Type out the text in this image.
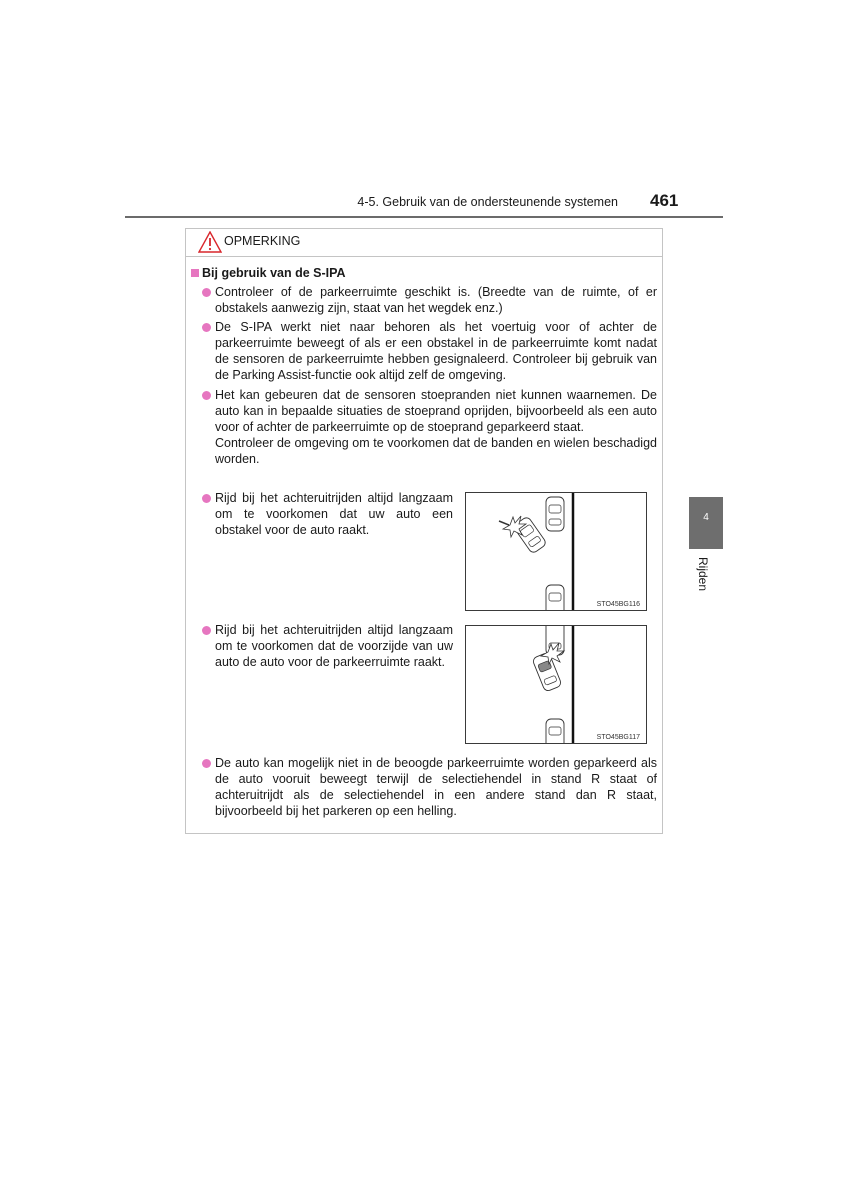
4-5. Gebruik van de ondersteunende systemen 461
4
Rijden
OPMERKING
Bij gebruik van de S-IPA

Controleer of de parkeerruimte geschikt is. (Breedte van de ruimte, of er obstakels aanwezig zijn, staat van het wegdek enz.)

De S-IPA werkt niet naar behoren als het voertuig voor of achter de parkeerruimte beweegt of als er een obstakel in de parkeerruimte komt nadat de sensoren de parkeerruimte hebben gesignaleerd. Controleer bij gebruik van de Parking Assist-functie ook altijd zelf de omgeving.

Het kan gebeuren dat de sensoren stoepranden niet kunnen waarnemen. De auto kan in bepaalde situaties de stoeprand oprijden, bijvoorbeeld als een auto voor of achter de parkeerruimte op de stoeprand geparkeerd staat.

Controleer de omgeving om te voorkomen dat de banden en wielen beschadigd worden.

Rijd bij het achteruitrijden altijd langzaam om te voorkomen dat uw auto een obstakel voor de auto raakt.

Rijd bij het achteruitrijden altijd langzaam om te voorkomen dat de voorzijde van uw auto de auto voor de parkeerruimte raakt.

De auto kan mogelijk niet in de beoogde parkeerruimte worden geparkeerd als de auto vooruit beweegt terwijl de selectiehendel in stand R staat of achteruitrijdt als de selectiehendel in een andere stand dan R staat, bijvoorbeeld bij het parkeren op een helling.

STO45BG116
STO45BG117
